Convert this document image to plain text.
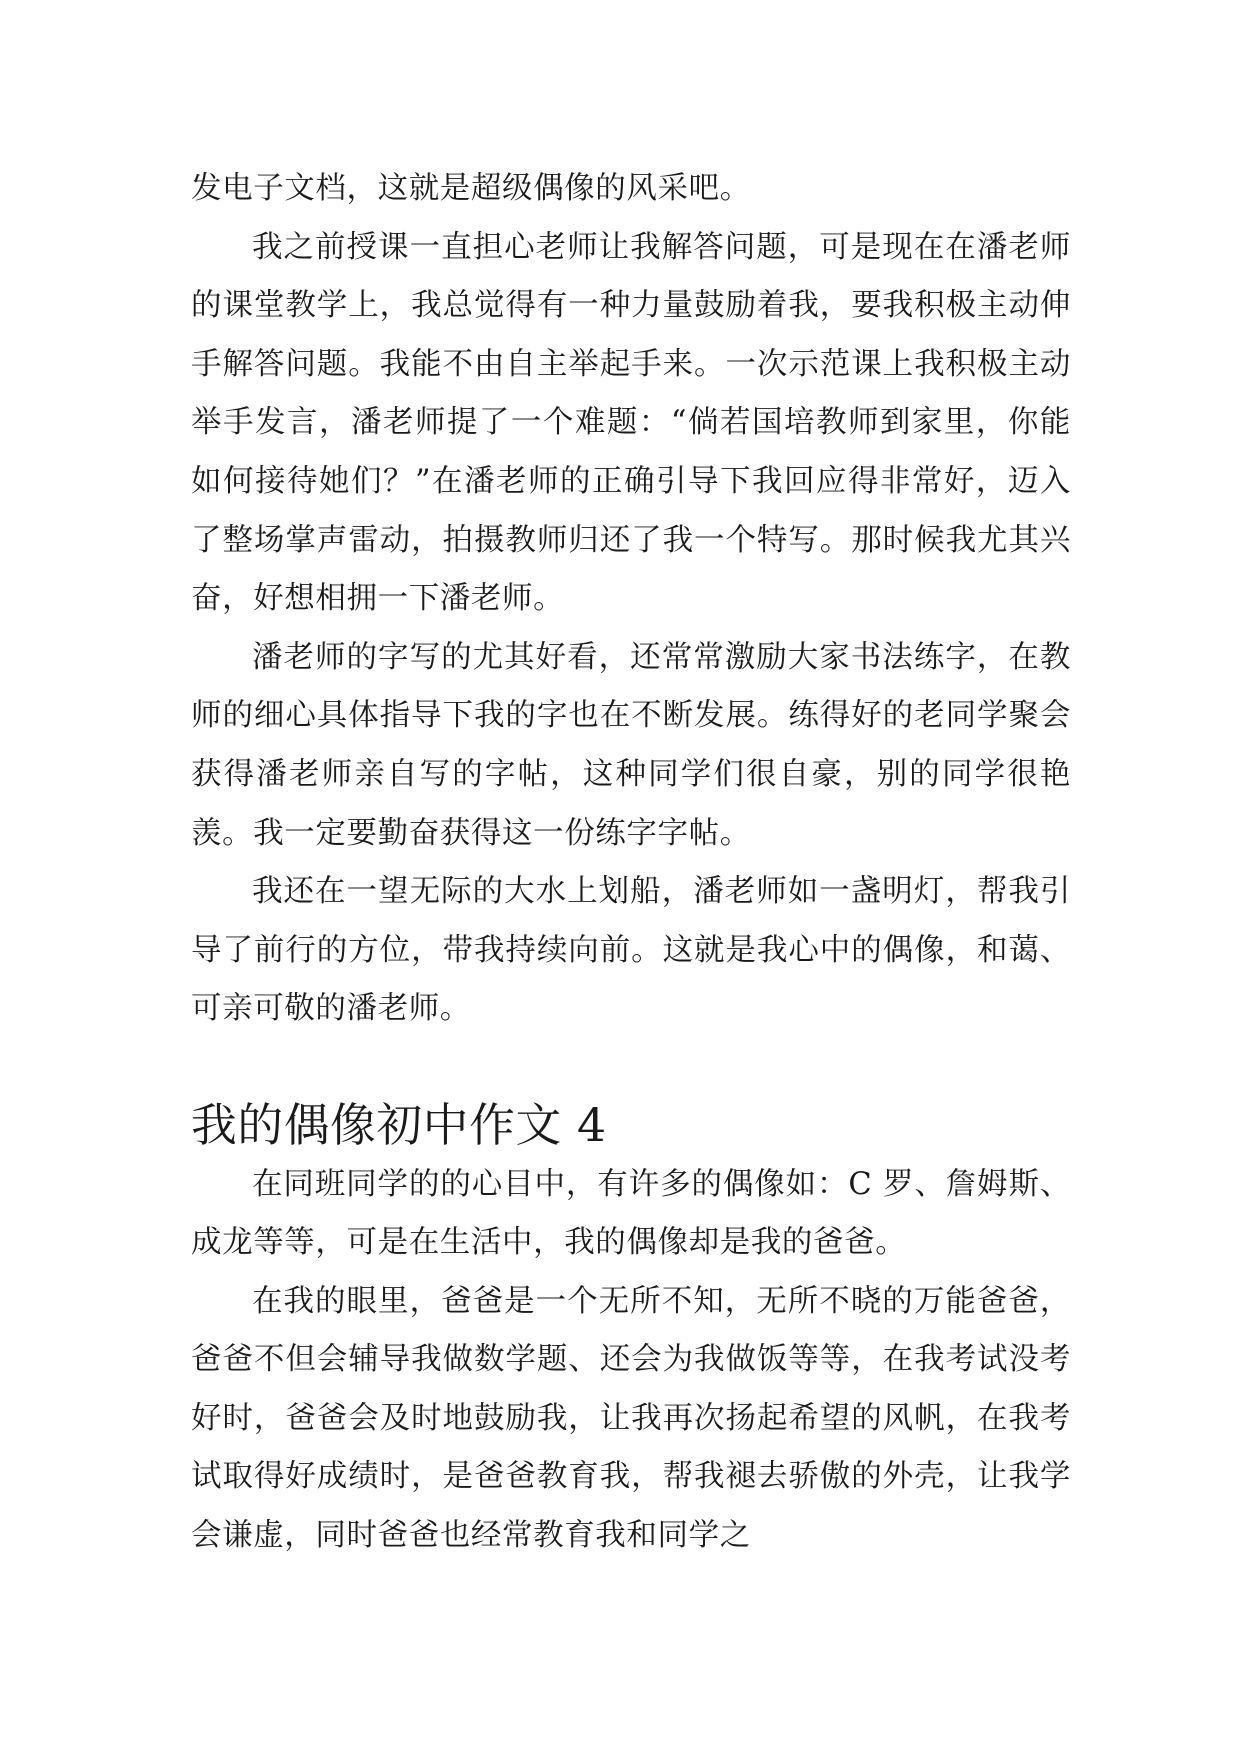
发电子文档，这就是超级偶像的风采吧。

我之前授课一直担心老师让我解答问题，可是现在在潘老师的课堂教学上，我总觉得有一种力量鼓励着我，要我积极主动伸手解答问题。我能不由自主举起手来。一次示范课上我积极主动举手发言，潘老师提了一个难题：“倘若国培教师到家里，你能如何接待她们？”在潘老师的正确引导下我回应得非常好，迈入了整场掌声雷动，拍摄教师归还了我一个特写。那时候我尤其兴奋，好想相拥一下潘老师。

潘老师的字写的尤其好看，还常常激励大家书法练字，在教师的细心具体指导下我的字也在不断发展。练得好的老同学聚会获得潘老师亲自写的字帖，这种同学们很自豪，别的同学很艳羡。我一定要勤奋获得这一份练字字帖。

我还在一望无际的大水上划船，潘老师如一盏明灯，帮我引导了前行的方位，带我持续向前。这就是我心中的偶像，和蔼、可亲可敬的潘老师。

我的偶像初中作文 4

在同班同学的的心目中，有许多的偶像如：C 罗、詹姆斯、成龙等等，可是在生活中，我的偶像却是我的爸爸。

在我的眼里，爸爸是一个无所不知，无所不晓的万能爸爸，爸爸不但会辅导我做数学题、还会为我做饭等等，在我考试没考好时，爸爸会及时地鼓励我，让我再次扬起希望的风帆，在我考试取得好成绩时，是爸爸教育我，帮我褪去骄傲的外壳，让我学会谦虚，同时爸爸也经常教育我和同学之
